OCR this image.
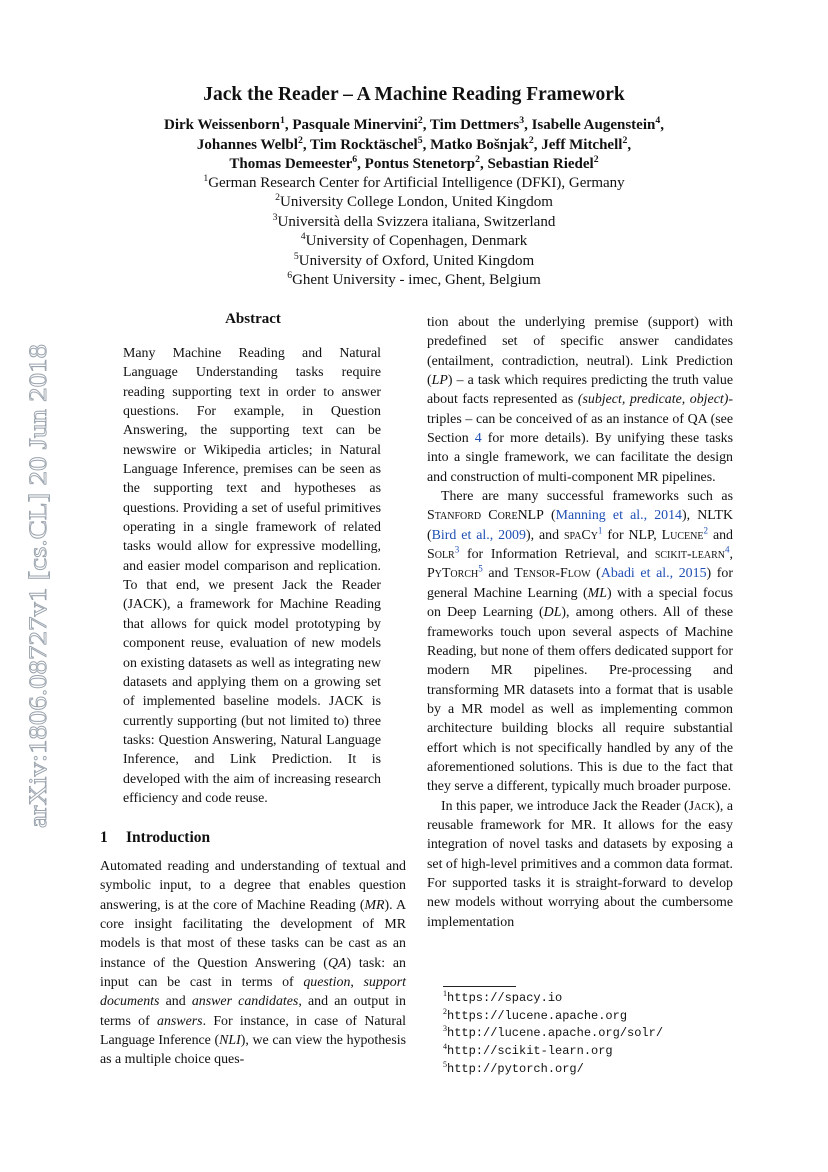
arXiv:1806.08727v1 [cs.CL] 20 Jun 2018
Jack the Reader – A Machine Reading Framework
Dirk Weissenborn$^1$, Pasquale Minervini$^2$, Tim Dettmers$^3$, Isabelle Augenstein$^4$,
Johannes Welbl$^2$, Tim Rocktäschel$^5$, Matko Bošnjak$^2$, Jeff Mitchell$^2$,
Thomas Demeester$^6$, Pontus Stenetorp$^2$, Sebastian Riedel$^2$
$^1$German Research Center for Artificial Intelligence (DFKI), Germany
$^2$University College London, United Kingdom
$^3$Università della Svizzera italiana, Switzerland
$^4$University of Copenhagen, Denmark
$^5$University of Oxford, United Kingdom
$^6$Ghent University - imec, Ghent, Belgium
Abstract
Many Machine Reading and Natural Language Understanding tasks require reading supporting text in order to answer questions. For example, in Question Answering, the supporting text can be newswire or Wikipedia articles; in Natural Language Inference, premises can be seen as the supporting text and hypotheses as questions. Providing a set of useful primitives operating in a single framework of related tasks would allow for expressive modelling, and easier model comparison and replication. To that end, we present Jack the Reader (JACK), a framework for Machine Reading that allows for quick model prototyping by component reuse, evaluation of new models on existing datasets as well as integrating new datasets and applying them on a growing set of implemented baseline models. JACK is currently supporting (but not limited to) three tasks: Question Answering, Natural Language Inference, and Link Prediction. It is developed with the aim of increasing research efficiency and code reuse.
1 Introduction
Automated reading and understanding of textual and symbolic input, to a degree that enables question answering, is at the core of Machine Reading (MR). A core insight facilitating the development of MR models is that most of these tasks can be cast as an instance of the Question Answering (QA) task: an input can be cast in terms of question, support documents and answer candidates, and an output in terms of answers. For instance, in case of Natural Language Inference (NLI), we can view the hypothesis as a multiple choice ques-

tion about the underlying premise (support) with predefined set of specific answer candidates (entailment, contradiction, neutral). Link Prediction (LP) – a task which requires predicting the truth value about facts represented as (subject, predicate, object)-triples – can be conceived of as an instance of QA (see Section 4 for more details). By unifying these tasks into a single framework, we can facilitate the design and construction of multi-component MR pipelines.

There are many successful frameworks such as Stanford CoreNLP (Manning et al., 2014), NLTK (Bird et al., 2009), and spaCy$^1$ for NLP, Lucene$^2$ and Solr$^3$ for Information Retrieval, and scikit-learn$^4$, PyTorch$^5$ and Tensor-Flow (Abadi et al., 2015) for general Machine Learning (ML) with a special focus on Deep Learning (DL), among others. All of these frameworks touch upon several aspects of Machine Reading, but none of them offers dedicated support for modern MR pipelines. Pre-processing and transforming MR datasets into a format that is usable by a MR model as well as implementing common architecture building blocks all require substantial effort which is not specifically handled by any of the aforementioned solutions. This is due to the fact that they serve a different, typically much broader purpose.

In this paper, we introduce Jack the Reader (Jack), a reusable framework for MR. It allows for the easy integration of novel tasks and datasets by exposing a set of high-level primitives and a common data format. For supported tasks it is straight-forward to develop new models without worrying about the cumbersome implementation

$^1$https://spacy.io
$^2$https://lucene.apache.org
$^3$http://lucene.apache.org/solr/
$^4$http://scikit-learn.org
$^5$http://pytorch.org/
